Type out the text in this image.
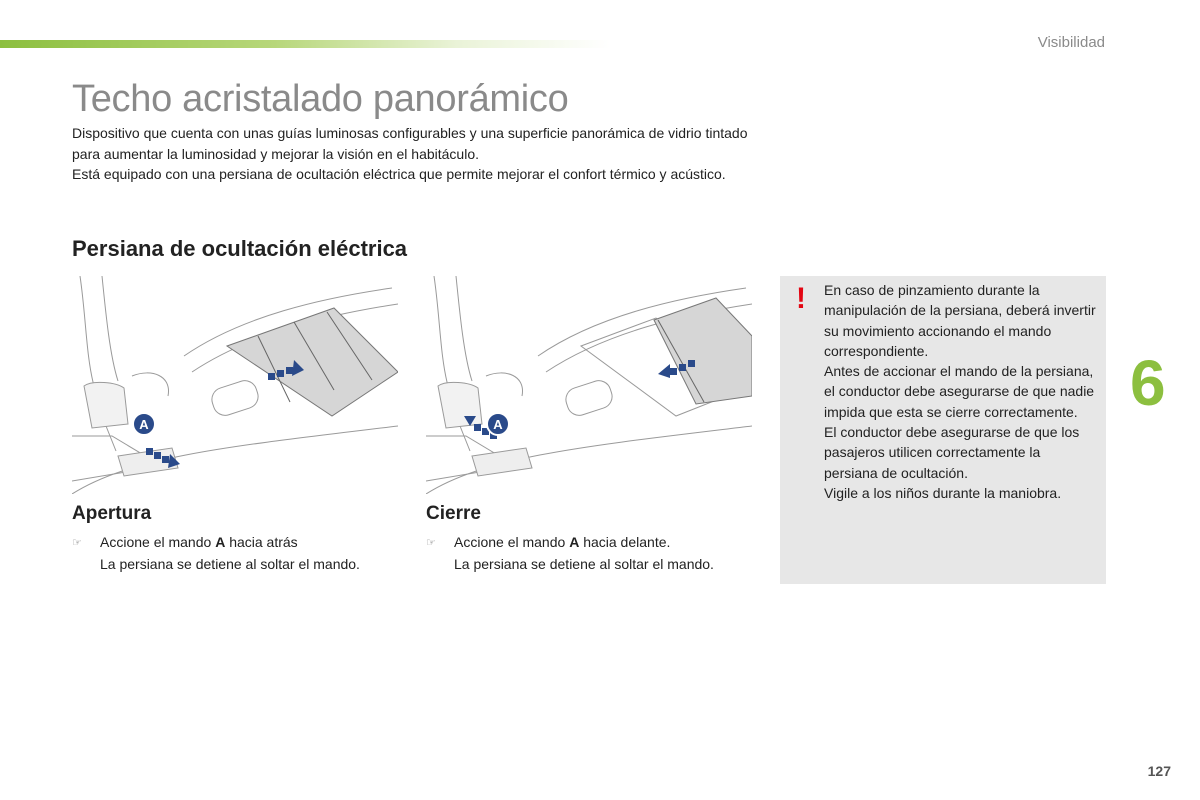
Visibilidad
Techo acristalado panorámico

Dispositivo que cuenta con unas guías luminosas configurables y una superficie panorámica de vidrio tintado para aumentar la luminosidad y mejorar la visión en el habitáculo.

Está equipado con una persiana de ocultación eléctrica que permite mejorar el confort térmico y acústico.

Persiana de ocultación eléctrica
A	A
Apertura
☞	Accione el mando A hacia atrás
La persiana se detiene al soltar el mando.
Cierre
☞	Accione el mando A hacia delante.
La persiana se detiene al soltar el mando.
! En caso de pinzamiento durante la manipulación de la persiana, deberá invertir su movimiento accionando el mando correspondiente.

Antes de accionar el mando de la persiana, el conductor debe asegurarse de que nadie impida que esta se cierre correctamente.

El conductor debe asegurarse de que los pasajeros utilicen correctamente la persiana de ocultación.

Vigile a los niños durante la maniobra.

6
127
